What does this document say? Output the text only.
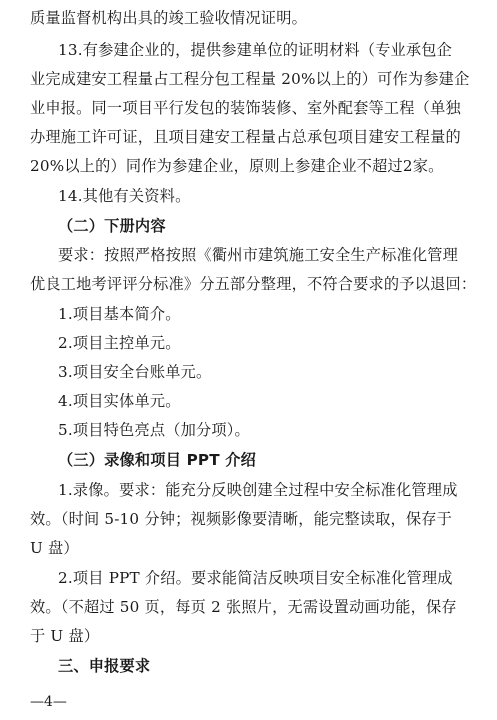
质量监督机构出具的竣工验收情况证明。
13.有参建企业的，提供参建单位的证明材料（专业承包企
业完成建安工程量占工程分包工程量 20%以上的）可作为参建企
业申报。同一项目平行发包的装饰装修、室外配套等工程（单独
办理施工许可证，且项目建安工程量占总承包项目建安工程量的
20%以上的）同作为参建企业，原则上参建企业不超过2家。
14.其他有关资料。
（二）下册内容
要求：按照严格按照《衢州市建筑施工安全生产标准化管理
优良工地考评评分标准》分五部分整理，不符合要求的予以退回：
1.项目基本简介。
2.项目主控单元。
3.项目安全台账单元。
4.项目实体单元。
5.项目特色亮点（加分项）。
（三）录像和项目 PPT 介绍
1.录像。要求：能充分反映创建全过程中安全标准化管理成
效。（时间 5-10 分钟；视频影像要清晰，能完整读取，保存于
U 盘）
2.项目 PPT 介绍。要求能简洁反映项目安全标准化管理成
效。（不超过 50 页，每页 2 张照片，无需设置动画功能，保存
于 U 盘）
三、申报要求
—4—
